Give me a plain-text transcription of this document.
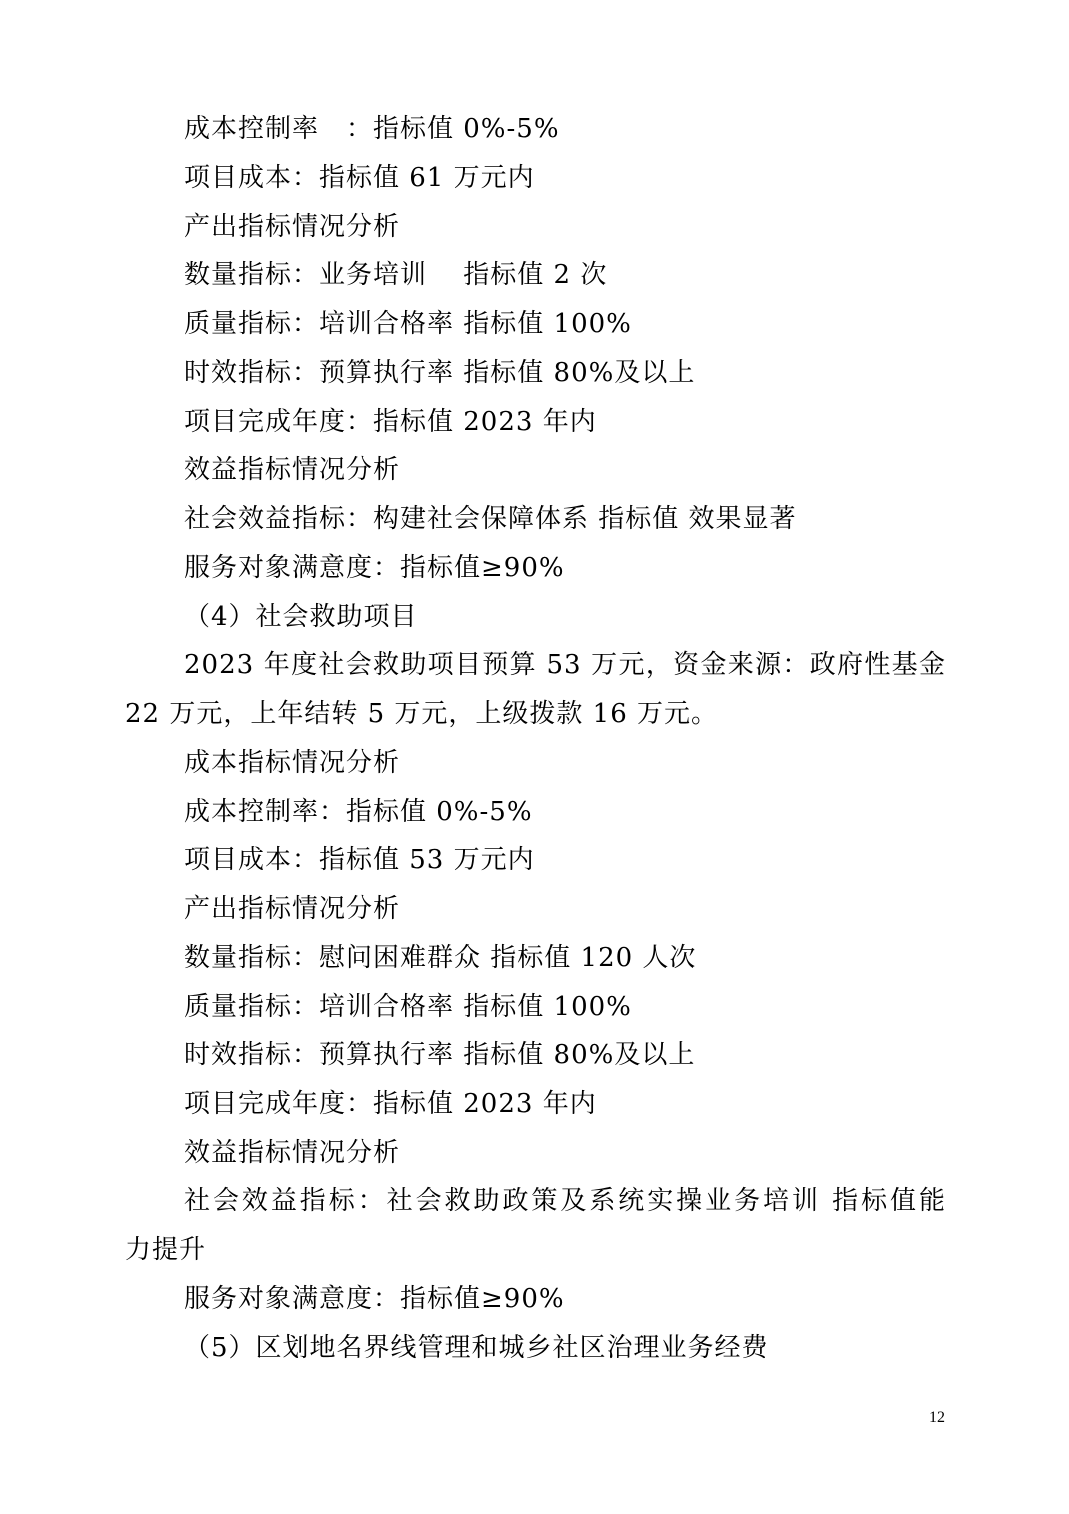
成本控制率　：指标值 0%-5%
项目成本：指标值 61 万元内
产出指标情况分析
数量指标：业务培训　 指标值 2 次
质量指标：培训合格率 指标值 100%
时效指标：预算执行率 指标值 80%及以上
项目完成年度：指标值 2023 年内
效益指标情况分析
社会效益指标：构建社会保障体系 指标值 效果显著
服务对象满意度：指标值≥90%
（4）社会救助项目
2023 年度社会救助项目预算 53 万元，资金来源：政府性基金
22 万元，上年结转 5 万元，上级拨款 16 万元。
成本指标情况分析
成本控制率：指标值 0%-5%
项目成本：指标值 53 万元内
产出指标情况分析
数量指标：慰问困难群众 指标值 120 人次
质量指标：培训合格率 指标值 100%
时效指标：预算执行率 指标值 80%及以上
项目完成年度：指标值 2023 年内
效益指标情况分析
社会效益指标：社会救助政策及系统实操业务培训 指标值能
力提升
服务对象满意度：指标值≥90%
（5）区划地名界线管理和城乡社区治理业务经费
12
